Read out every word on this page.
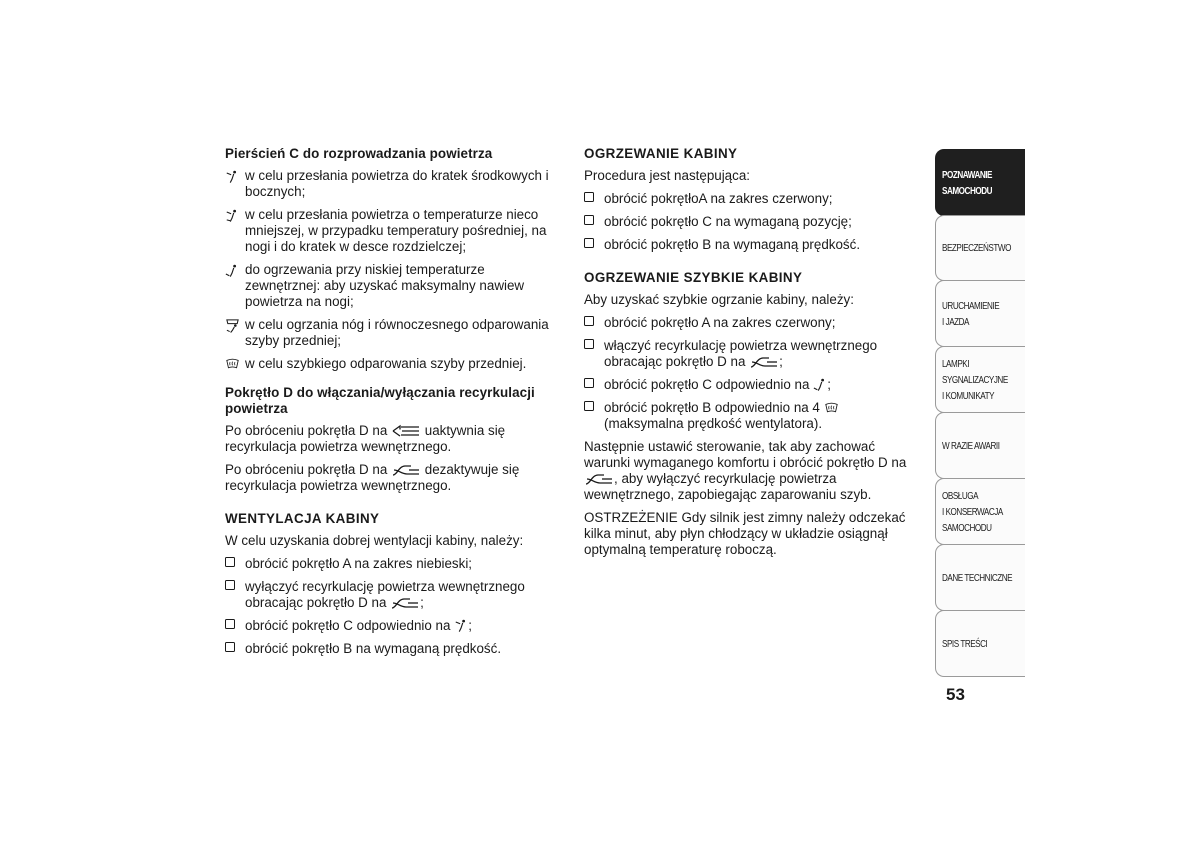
Pierścień C do rozprowadzania powietrza
w celu przesłania powietrza do kratek środkowych i bocznych;
w celu przesłania powietrza o temperaturze nieco mniejszej, w przypadku temperatury pośredniej, na nogi i do kratek w desce rozdzielczej;
do ogrzewania przy niskiej temperaturze zewnętrznej: aby uzyskać maksymalny nawiew powietrza na nogi;
w celu ogrzania nóg i równoczesnego odparowania szyby przedniej;
w celu szybkiego odparowania szyby przedniej.
Pokrętło D do włączania/wyłączania recyrkulacji powietrza

Po obróceniu pokrętła D na	uaktywnia się recyrkulacja powietrza wewnętrznego.

Po obróceniu pokrętła D na	dezaktywuje się recyrkulacja powietrza wewnętrznego.

WENTYLACJA KABINY

W celu uzyskania dobrej wentylacji kabiny, należy:

obrócić pokrętło A na zakres niebieski;
wyłączyć recyrkulację powietrza wewnętrznego obracając pokrętło D na	;
obrócić pokrętło C odpowiednio na ;
obrócić pokrętło B na wymaganą prędkość.
OGRZEWANIE KABINY

Procedura jest następująca:

obrócić pokrętłoA na zakres czerwony;
obrócić pokrętło C na wymaganą pozycję;
obrócić pokrętło B na wymaganą prędkość.
OGRZEWANIE SZYBKIE KABINY

Aby uzyskać szybkie ogrzanie kabiny, należy:

obrócić pokrętło A na zakres czerwony;
włączyć recyrkulację powietrza wewnętrznego obracając pokrętło D na	;
obrócić pokrętło C odpowiednio na ;
obrócić pokrętło B odpowiednio na 4  (maksymalna prędkość wentylatora).

Następnie ustawić sterowanie, tak aby zachować warunki wymaganego komfortu i obrócić pokrętło D na , aby wyłączyć recyrkulację powietrza wewnętrznego, zapobiegając zaparowaniu szyb.

OSTRZEŻENIE Gdy silnik jest zimny należy odczekać kilka minut, aby płyn chłodzący w układzie osiągnął optymalną temperaturę roboczą.

POZNAWANIE
SAMOCHODU
BEZPIECZEŃSTWO
URUCHAMIENIE
I JAZDA
LAMPKI
SYGNALIZACYJNE
I KOMUNIKATY
W RAZIE AWARII
OBSŁUGA
I KONSERWACJA
SAMOCHODU
DANE TECHNICZNE
SPIS TREŚCI
53
